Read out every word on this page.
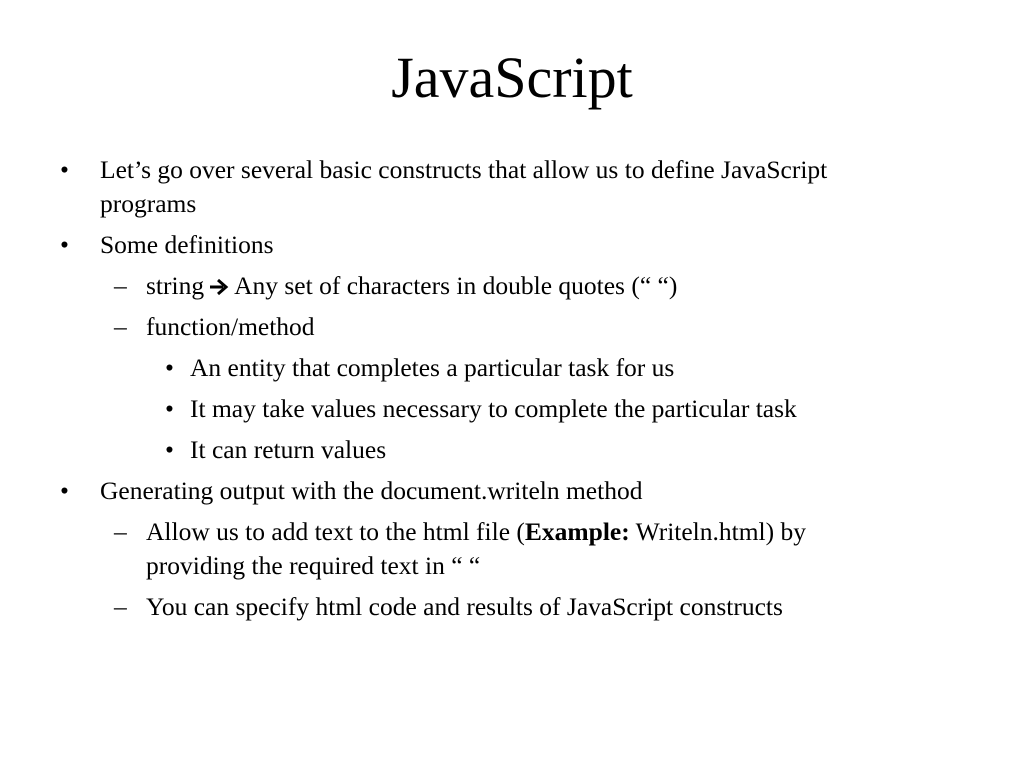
JavaScript
• Let’s go over several basic constructs that allow us to define JavaScript
programs
• Some definitions
– string Any set of characters in double quotes (“ “)
– function/method
• An entity that completes a particular task for us
• It may take values necessary to complete the particular task
• It can return values
• Generating output with the document.writeln method
– Allow us to add text to the html file (Example: Writeln.html) by
providing the required text in “ “
– You can specify html code and results of JavaScript constructs
